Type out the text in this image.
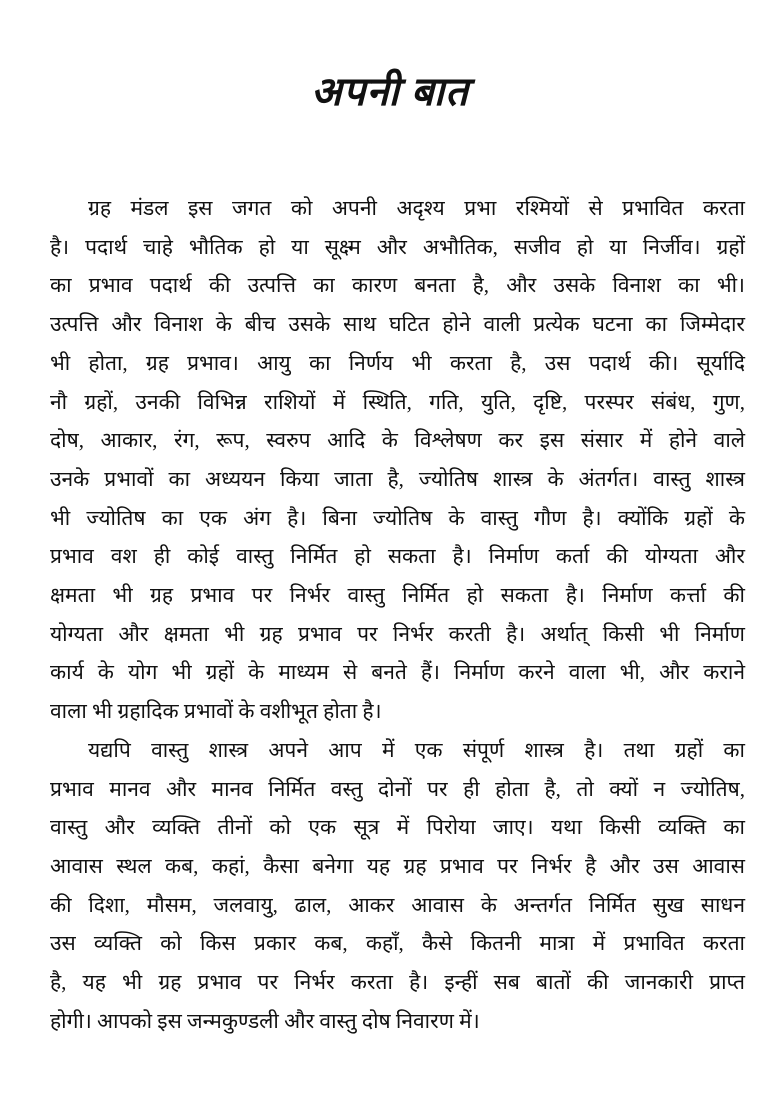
अपनी बात
ग्रह मंडल इस जगत को अपनी अदृश्य प्रभा रश्मियों से प्रभावित करता
है। पदार्थ चाहे भौतिक हो या सूक्ष्म और अभौतिक, सजीव हो या निर्जीव। ग्रहों
का प्रभाव पदार्थ की उत्पत्ति का कारण बनता है, और उसके विनाश का भी।
उत्पत्ति और विनाश के बीच उसके साथ घटित होने वाली प्रत्येक घटना का जिम्मेदार
भी होता, ग्रह प्रभाव। आयु का निर्णय भी करता है, उस पदार्थ की। सूर्यादि
नौ ग्रहों, उनकी विभिन्न राशियों में स्थिति, गति, युति, दृष्टि, परस्पर संबंध, गुण,
दोष, आकार, रंग, रूप, स्वरुप आदि के विश्लेषण कर इस संसार में होने वाले
उनके प्रभावों का अध्ययन किया जाता है, ज्योतिष शास्त्र के अंतर्गत। वास्तु शास्त्र
भी ज्योतिष का एक अंग है। बिना ज्योतिष के वास्तु गौण है। क्योंकि ग्रहों के
प्रभाव वश ही कोई वास्तु निर्मित हो सकता है। निर्माण कर्ता की योग्यता और
क्षमता भी ग्रह प्रभाव पर निर्भर वास्तु निर्मित हो सकता है। निर्माण कर्त्ता की
योग्यता और क्षमता भी ग्रह प्रभाव पर निर्भर करती है। अर्थात् किसी भी निर्माण
कार्य के योग भी ग्रहों के माध्यम से बनते हैं। निर्माण करने वाला भी, और कराने
वाला भी ग्रहादिक प्रभावों के वशीभूत होता है।
यद्यपि वास्तु शास्त्र अपने आप में एक संपूर्ण शास्त्र है। तथा ग्रहों का
प्रभाव मानव और मानव निर्मित वस्तु दोनों पर ही होता है, तो क्यों न ज्योतिष,
वास्तु और व्यक्ति तीनों को एक सूत्र में पिरोया जाए। यथा किसी व्यक्ति का
आवास स्थल कब, कहां, कैसा बनेगा यह ग्रह प्रभाव पर निर्भर है और उस आवास
की दिशा, मौसम, जलवायु, ढाल, आकर आवास के अन्तर्गत निर्मित सुख साधन
उस व्यक्ति को किस प्रकार कब, कहाँ, कैसे कितनी मात्रा में प्रभावित करता
है, यह भी ग्रह प्रभाव पर निर्भर करता है। इन्हीं सब बातों की जानकारी प्राप्त
होगी। आपको इस जन्मकुण्डली और वास्तु दोष निवारण में।
